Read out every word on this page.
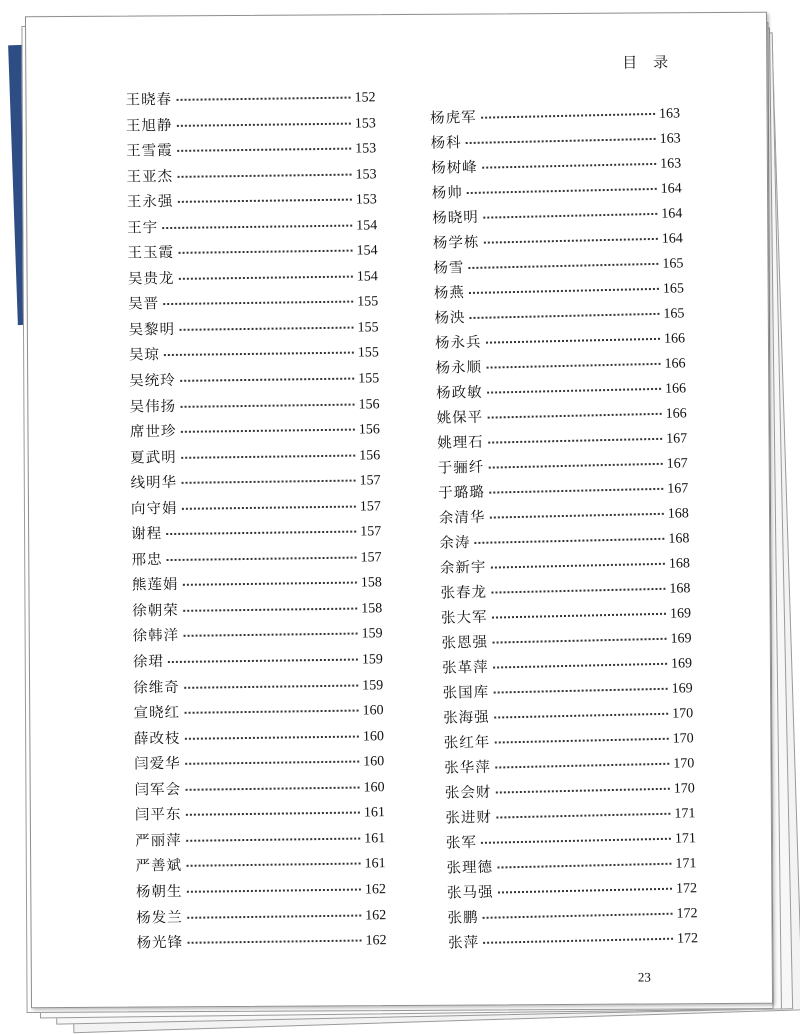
目录
王晓春	152
王旭静	153
王雪霞	153
王亚杰	153
王永强	153
王宇	154
王玉霞	154
吴贵龙	154
吴晋	155
吴黎明	155
吴琼	155
吴统玲	155
吴伟扬	156
席世珍	156
夏武明	156
线明华	157
向守娟	157
谢程	157
邢忠	157
熊莲娟	158
徐朝荣	158
徐韩洋	159
徐珺	159
徐维奇	159
宣晓红	160
薛改枝	160
闫爱华	160
闫军会	160
闫平东	161
严丽萍	161
严善斌	161
杨朝生	162
杨发兰	162
杨光锋	162
杨虎军	163
杨科	163
杨树峰	163
杨帅	164
杨晓明	164
杨学栋	164
杨雪	165
杨燕	165
杨泱	165
杨永兵	166
杨永顺	166
杨政敏	166
姚保平	166
姚理石	167
于骊纤	167
于璐璐	167
余清华	168
余涛	168
余新宇	168
张春龙	168
张大军	169
张恩强	169
张革萍	169
张国库	169
张海强	170
张红年	170
张华萍	170
张会财	170
张进财	171
张军	171
张理德	171
张马强	172
张鹏	172
张萍	172
23
